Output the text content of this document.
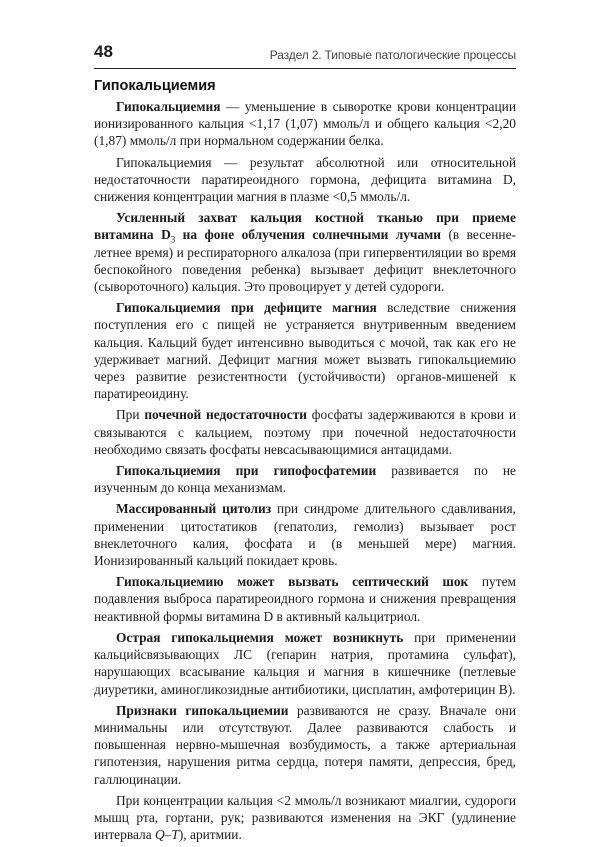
48	Раздел 2. Типовые патологические процессы
Гипокальциемия

Гипокальциемия — уменьшение в сыворотке крови концентрации ионизированного кальция <1,17 (1,07) ммоль/л и общего кальция <2,20 (1,87) ммоль/л при нормальном содержании белка.

Гипокальциемия — результат абсолютной или относительной недостаточности паратиреоидного гормона, дефицита витамина D, снижения концентрации магния в плазме <0,5 ммоль/л.

Усиленный захват кальция костной тканью при приеме витамина $D_3$ на фоне облучения солнечными лучами (в весенне-летнее время) и респираторного алкалоза (при гипервентиляции во время беспокойного поведения ребенка) вызывает дефицит внеклеточного (сывороточного) кальция. Это провоцирует у детей судороги.

Гипокальциемия при дефиците магния вследствие снижения поступления его с пищей не устраняется внутривенным введением кальция. Кальций будет интенсивно выводиться с мочой, так как его не удерживает магний. Дефицит магния может вызвать гипокальциемию через развитие резистентности (устойчивости) органов-мишеней к паратиреоидину.

При почечной недостаточности фосфаты задерживаются в крови и связываются с кальцием, поэтому при почечной недостаточности необходимо связать фосфаты невсасывающимися антацидами.

Гипокальциемия при гипофосфатемии развивается по не изученным до конца механизмам.

Массированный цитолиз при синдроме длительного сдавливания, применении цитостатиков (гепатолиз, гемолиз) вызывает рост внеклеточного калия, фосфата и (в меньшей мере) магния. Ионизированный кальций покидает кровь.

Гипокальциемию может вызвать септический шок путем подавления выброса паратиреоидного гормона и снижения превращения неактивной формы витамина D в активный кальцитриол.

Острая гипокальциемия может возникнуть при применении кальцийсвязывающих ЛС (гепарин натрия, протамина сульфат), нарушающих всасывание кальция и магния в кишечнике (петлевые диуретики, аминогликозидные антибиотики, цисплатин, амфотерицин B).

Признаки гипокальциемии развиваются не сразу. Вначале они минимальны или отсутствуют. Далее развиваются слабость и повышенная нервно-мышечная возбудимость, а также артериальная гипотензия, нарушения ритма сердца, потеря памяти, депрессия, бред, галлюцинации.

При концентрации кальция <2 ммоль/л возникают миалгии, судороги мышц рта, гортани, рук; развиваются изменения на ЭКГ (удлинение интервала Q–T), аритмии.
